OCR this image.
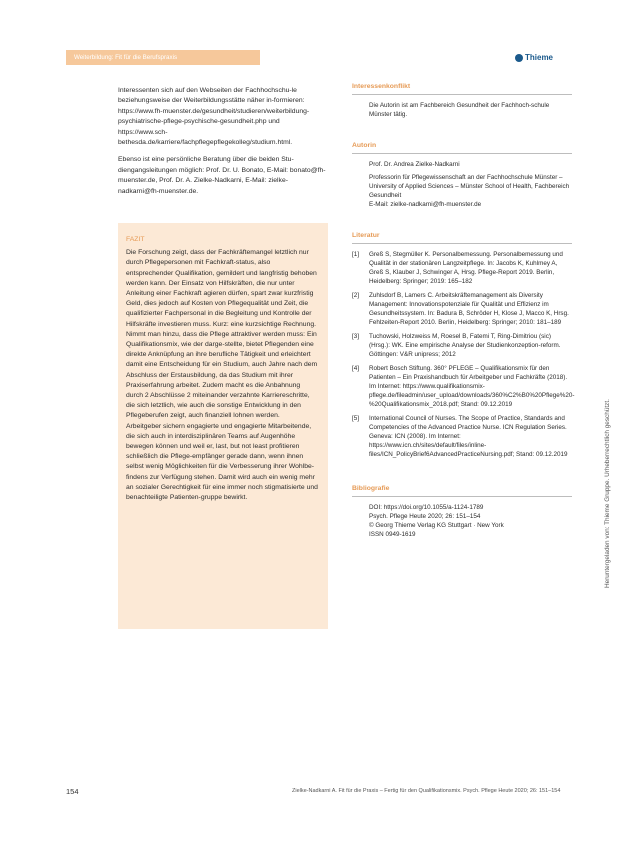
Weiterbildung: Fit für die Berufspraxis	Thieme

Interessenten sich auf den Webseiten der Fachhochschu-le beziehungsweise der Weiterbildungsstätte näher in-formieren: https://www.fh-muenster.de/gesundheit/studieren/weiterbildung-psychiatrische-pflege-psychische-gesundheit.php und https://www.sch-bethesda.de/karriere/fachpflegepflegekolleg/studium.html.

Ebenso ist eine persönliche Beratung über die beiden Stu-diengangsleitungen möglich: Prof. Dr. U. Bonato, E-Mail: bonato@fh-muenster.de, Prof. Dr. A. Zielke-Nadkarni, E-Mail: zielke-nadkarni@fh-muenster.de.

FAZIT

Die Forschung zeigt, dass der Fachkräftemangel letztlich nur durch Pflegepersonen mit Fachkraft-status, also entsprechender Qualifikation, gemildert und langfristig behoben werden kann. Der Einsatz von Hilfskräften, die nur unter Anleitung einer Fachkraft agieren dürfen, spart zwar kurzfristig Geld, dies jedoch auf Kosten von Pflegequalität und Zeit, die qualifizierter Fachpersonal in die Begleitung und Kontrolle der Hilfskräfte investieren muss. Kurz: eine kurzsichtige Rechnung.

Nimmt man hinzu, dass die Pflege attraktiver werden muss: Ein Qualifikationsmix, wie der darge-stellte, bietet Pflegenden eine direkte Anknüpfung an ihre berufliche Tätigkeit und erleichtert damit eine Entscheidung für ein Studium, auch Jahre nach dem Abschluss der Erstausbildung, da das Studium mit ihrer Praxiserfahrung arbeitet. Zudem macht es die Anbahnung durch 2 Abschlüsse 2 miteinander verzahnte Karriereschritte, die sich letztlich, wie auch die sonstige Entwicklung in den Pflegeberufen zeigt, auch finanziell lohnen werden.

Arbeitgeber sichern engagierte und engagierte Mitarbeitende, die sich auch in interdisziplinären Teams auf Augenhöhe bewegen können und weil er, last, but not least profitieren schließlich die Pflege-empfänger gerade dann, wenn ihnen selbst wenig Möglichkeiten für die Verbesserung ihrer Wohlbe-findens zur Verfügung stehen. Damit wird auch ein wenig mehr an sozialer Gerechtigkeit für eine immer noch stigmatisierte und benachteiligte Patienten-gruppe bewirkt.

Interessenkonflikt

Die Autorin ist am Fachbereich Gesundheit der Fachhoch-schule Münster tätig.

Autorin

Prof. Dr. Andrea Zielke-Nadkarni

Professorin für Pflegewissenschaft an der Fachhochschule Münster – University of Applied Sciences – Münster School of Health, Fachbereich Gesundheit

E-Mail: zielke-nadkarni@fh-muenster.de

Literatur
[1]	Greß S, Stegmüller K. Personalbemessung. Personalbemessung und Qualität in der stationären Langzeitpflege. In: Jacobs K, Kuhlmey A, Greß S, Klauber J, Schwinger A, Hrsg. Pflege-Report 2019. Berlin, Heidelberg: Springer; 2019: 165–182
[2]	Zuhlsdorf B, Lamers C. Arbeitskräftemanagement als Diversity Management: Innovationspotenziale für Qualität und Effizienz im Gesundheitssystem. In: Badura B, Schröder H, Klose J, Macco K, Hrsg. Fehlzeiten-Report 2010. Berlin, Heidelberg: Springer; 2010: 181–189
[3]	Tuchowski, Holzweiss M, Roesel B, Fatemi T, Ring-Dimitriou (sic) (Hrsg.): WK. Eine empirische Analyse der Studienkonzeption-reform. Göttingen: V&R unipress; 2012
[4]	Robert Bosch Stiftung. 360° PFLEGE – Qualifikationsmix für den Patienten – Ein Praxishandbuch für Arbeitgeber und Fachkräfte (2018). Im Internet: https://www.qualifikationsmix-pflege.de/fileadmin/user_upload/downloads/360%C2%B0%20Pflege%20-%20Qualifikationsmix_2018.pdf; Stand: 09.12.2019
[5]	International Council of Nurses. The Scope of Practice, Standards and Competencies of the Advanced Practice Nurse. ICN Regulation Series. Geneva: ICN (2008). Im Internet: https://www.icn.ch/sites/default/files/inline-files/ICN_PolicyBrief6AdvancedPracticeNursing.pdf; Stand: 09.12.2019
Bibliografie

DOI: https://doi.org/10.1055/a-1124-1789

Psych. Pflege Heute 2020; 26: 151–154

© Georg Thieme Verlag KG Stuttgart · New York

ISSN 0949-1619	Heruntergeladen von: Thieme Gruppe. Urheberrechtlich geschützt.
154	Zielke-Nadkarni A. Fit für die Praxis – Fertig für den Qualifikationsmix. Psych. Pflege Heute 2020; 26: 151–154
